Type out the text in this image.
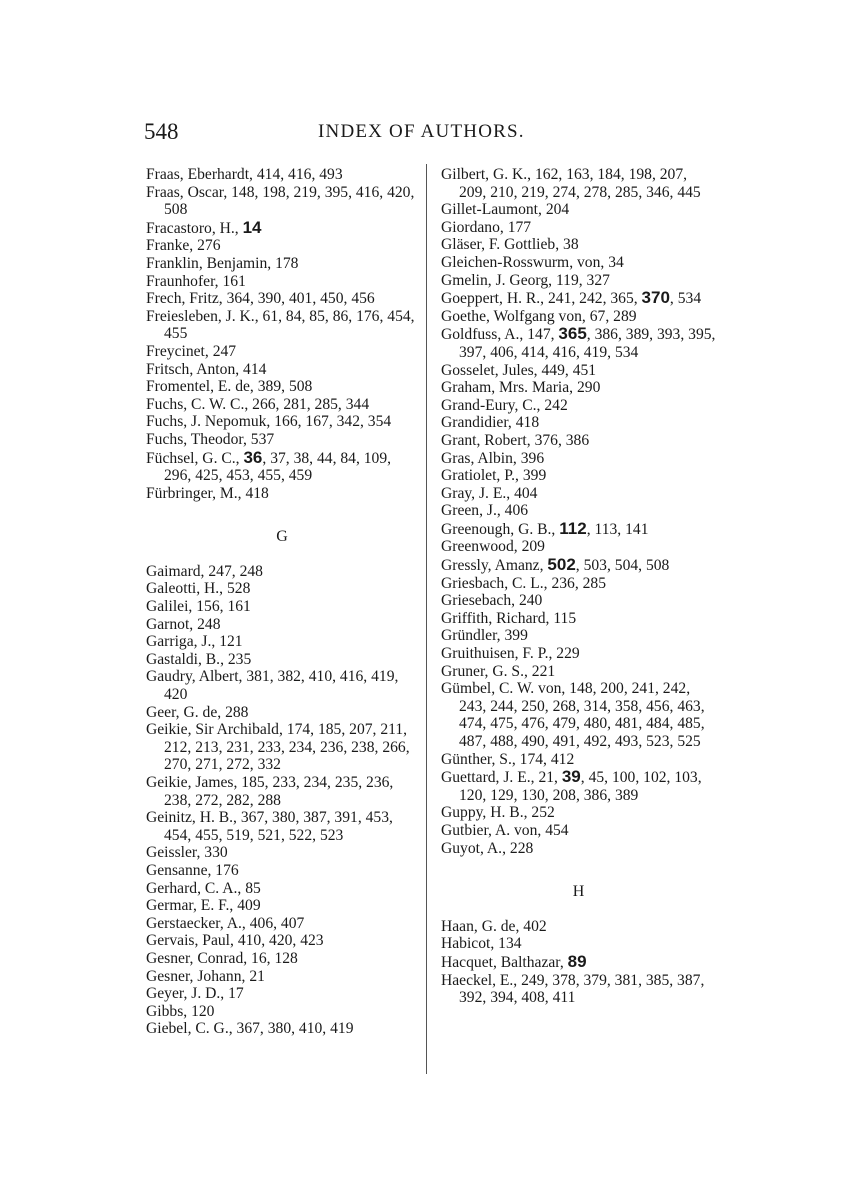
548	INDEX OF AUTHORS.
Fraas, Eberhardt, 414, 416, 493
Fraas, Oscar, 148, 198, 219, 395, 416, 420, 508
Fracastoro, H., 14
Franke, 276
Franklin, Benjamin, 178
Fraunhofer, 161
Frech, Fritz, 364, 390, 401, 450, 456
Freiesleben, J. K., 61, 84, 85, 86, 176, 454, 455
Freycinet, 247
Fritsch, Anton, 414
Fromentel, E. de, 389, 508
Fuchs, C. W. C., 266, 281, 285, 344
Fuchs, J. Nepomuk, 166, 167, 342, 354
Fuchs, Theodor, 537
Füchsel, G. C., 36, 37, 38, 44, 84, 109, 296, 425, 453, 455, 459
Fürbringer, M., 418
G
Gaimard, 247, 248
Galeotti, H., 528
Galilei, 156, 161
Garnot, 248
Garriga, J., 121
Gastaldi, B., 235
Gaudry, Albert, 381, 382, 410, 416, 419, 420
Geer, G. de, 288
Geikie, Sir Archibald, 174, 185, 207, 211, 212, 213, 231, 233, 234, 236, 238, 266, 270, 271, 272, 332
Geikie, James, 185, 233, 234, 235, 236, 238, 272, 282, 288
Geinitz, H. B., 367, 380, 387, 391, 453, 454, 455, 519, 521, 522, 523
Geissler, 330
Gensanne, 176
Gerhard, C. A., 85
Germar, E. F., 409
Gerstaecker, A., 406, 407
Gervais, Paul, 410, 420, 423
Gesner, Conrad, 16, 128
Gesner, Johann, 21
Geyer, J. D., 17
Gibbs, 120
Giebel, C. G., 367, 380, 410, 419
Gilbert, G. K., 162, 163, 184, 198, 207, 209, 210, 219, 274, 278, 285, 346, 445
Gillet-Laumont, 204
Giordano, 177
Gläser, F. Gottlieb, 38
Gleichen-Rosswurm, von, 34
Gmelin, J. Georg, 119, 327
Goeppert, H. R., 241, 242, 365, 370, 534
Goethe, Wolfgang von, 67, 289
Goldfuss, A., 147, 365, 386, 389, 393, 395, 397, 406, 414, 416, 419, 534
Gosselet, Jules, 449, 451
Graham, Mrs. Maria, 290
Grand-Eury, C., 242
Grandidier, 418
Grant, Robert, 376, 386
Gras, Albin, 396
Gratiolet, P., 399
Gray, J. E., 404
Green, J., 406
Greenough, G. B., 112, 113, 141
Greenwood, 209
Gressly, Amanz, 502, 503, 504, 508
Griesbach, C. L., 236, 285
Griesebach, 240
Griffith, Richard, 115
Gründler, 399
Gruithuisen, F. P., 229
Gruner, G. S., 221
Gümbel, C. W. von, 148, 200, 241, 242, 243, 244, 250, 268, 314, 358, 456, 463, 474, 475, 476, 479, 480, 481, 484, 485, 487, 488, 490, 491, 492, 493, 523, 525
Günther, S., 174, 412
Guettard, J. E., 21, 39, 45, 100, 102, 103, 120, 129, 130, 208, 386, 389
Guppy, H. B., 252
Gutbier, A. von, 454
Guyot, A., 228
H
Haan, G. de, 402
Habicot, 134
Hacquet, Balthazar, 89
Haeckel, E., 249, 378, 379, 381, 385, 387, 392, 394, 408, 411
